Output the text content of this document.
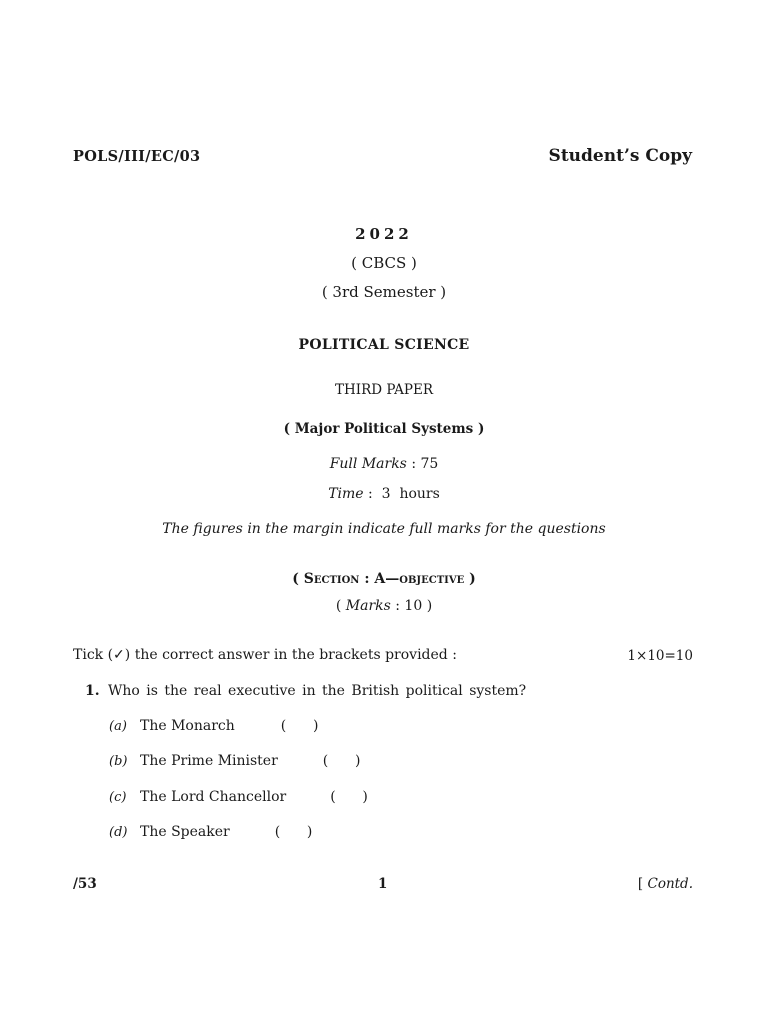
POLS/III/EC/03	Student’s Copy
2022
( CBCS )
( 3rd Semester )
POLITICAL SCIENCE
THIRD PAPER
( Major Political Systems )
Full Marks : 75
Time :  3  hours
The figures in the margin indicate full marks for the questions
( Section : A—objective )
( Marks : 10 )
Tick (✓) the correct answer in the brackets provided :	1×10=10
1. Who is the real executive in the British political system?
(a) The Monarch	(      )
(b) The Prime Minister	(      )
(c) The Lord Chancellor	(      )
(d) The Speaker	(      )
/53	1	[ Contd.
